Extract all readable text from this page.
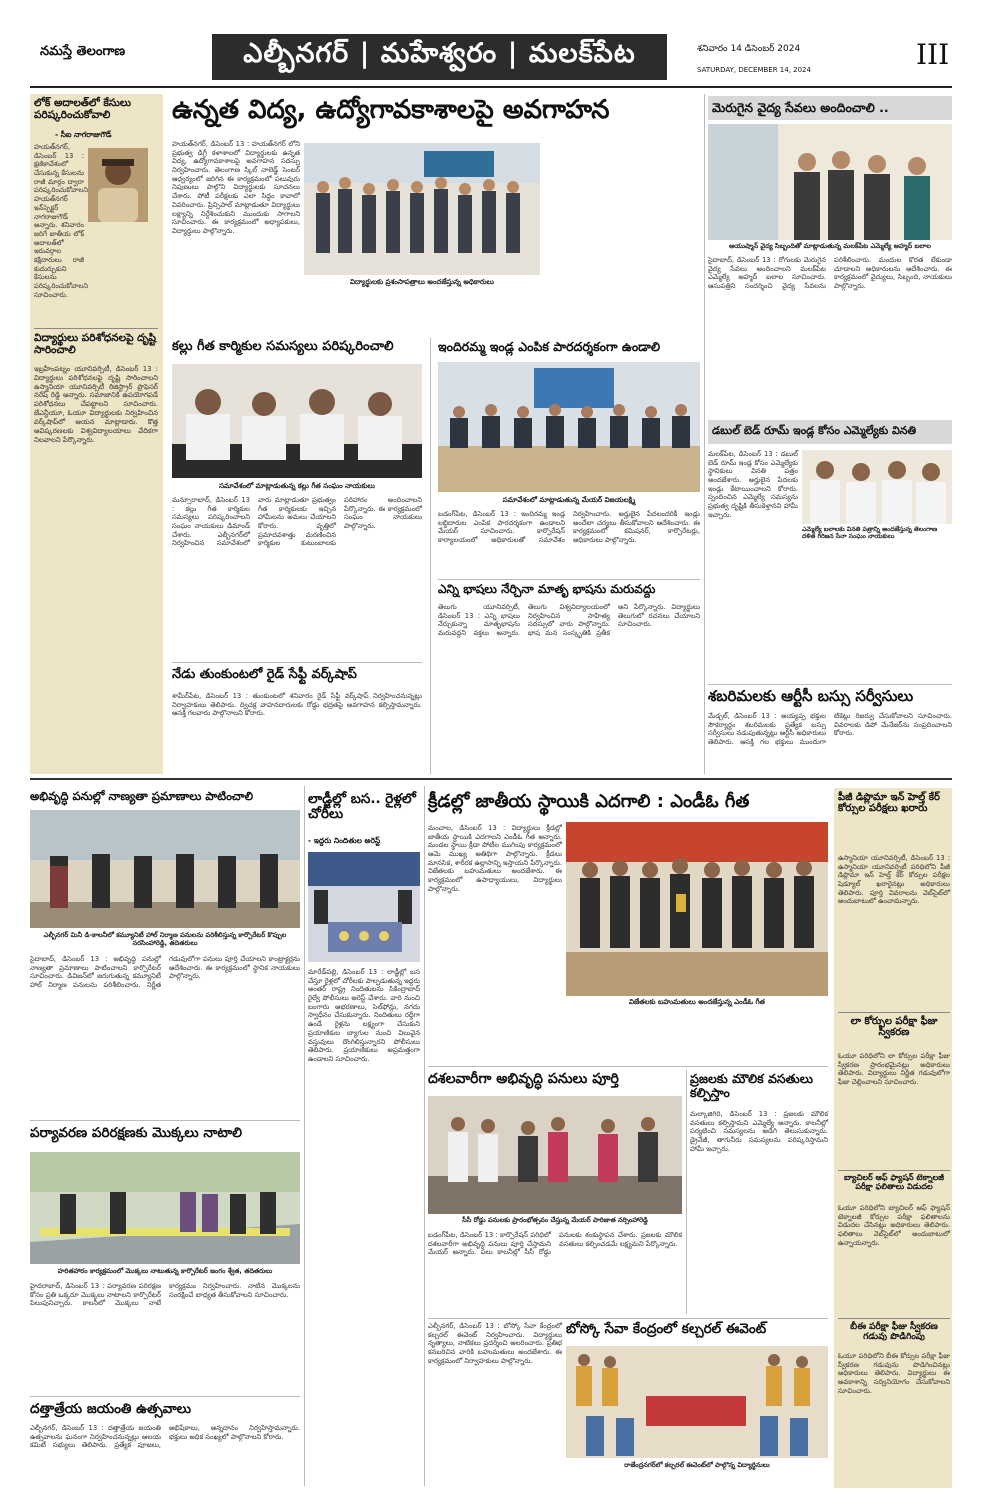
నమస్తే తెలంగాణ	ఎల్బీనగర్ | మహేశ్వరం | మలక్‌పేట	శనివారం 14 డిసెంబర్ 2024
SATURDAY, DECEMBER 14, 2024	III
లోక్ అదాలత్‌లో కేసులు పరిష్కరించుకోవాలి
- సీఐ నాగరాజుగౌడ్
హయత్‌నగర్, డిసెంబర్ 13 : క్షణికావేశంలో చేసుకున్న కేసులను రాజీ మార్గం ద్వారా పరిష్కరించుకోవాలని హయత్‌నగర్ ఇన్‌స్పెక్టర్ నాగరాజుగౌడ్ అన్నారు. శనివారం జరిగే జాతీయ లోక్ అదాలత్‌లో ఇరువర్గాల కక్షిదారులు రాజీ కుదుర్చుకుని కేసులను పరిష్కరించుకోవాలని సూచించారు.
విద్యార్థులు పరిశోధనలపై దృష్టి సారించాలి
ఇబ్రహీంపట్నం యూనివర్సిటీ, డిసెంబర్ 13 : విద్యార్థులు పరిశోధనలపై దృష్టి సారించాలని ఉస్మానియా యూనివర్సిటీ రిజిస్ట్రార్ ప్రొఫెసర్ నరేష్ రెడ్డి అన్నారు. సమాజానికి ఉపయోగపడే పరిశోధనలు చేపట్టాలని సూచించారు. జేఎన్టీయూ, ఓయూ విద్యార్థులకు నిర్వహించిన వర్క్‌షాప్‌లో ఆయన మాట్లాడారు. కొత్త ఆవిష్కరణలకు విశ్వవిద్యాలయాలు వేదికగా నిలవాలని పేర్కొన్నారు.
ఉన్నత విద్య, ఉద్యోగావకాశాలపై అవగాహన
హయత్‌నగర్, డిసెంబర్ 13 : హయత్‌నగర్ లోని ప్రభుత్వ డిగ్రీ కళాశాలలో విద్యార్థులకు ఉన్నత విద్య, ఉద్యోగావకాశాలపై అవగాహన సదస్సు నిర్వహించారు. తెలంగాణ స్కిల్ నాలెడ్జ్ సెంటర్ ఆధ్వర్యంలో జరిగిన ఈ కార్యక్రమంలో పలువురు నిపుణులు పాల్గొని విద్యార్థులకు సూచనలు చేశారు. పోటీ పరీక్షలకు ఎలా సిద్ధం కావాలో వివరించారు. ప్రిన్సిపాల్ మాట్లాడుతూ విద్యార్థులు లక్ష్యాన్ని నిర్దేశించుకుని ముందుకు సాగాలని సూచించారు. ఈ కార్యక్రమంలో అధ్యాపకులు, విద్యార్థులు పాల్గొన్నారు.
విద్యార్థులకు ప్రశంసాపత్రాలు అందజేస్తున్న అధికారులు
కల్లు గీత కార్మికుల సమస్యలు పరిష్కరించాలి
సమావేశంలో మాట్లాడుతున్న కల్లు గీత సంఘం నాయకులు
మన్సూరాబాద్, డిసెంబర్ 13 : కల్లు గీత కార్మికుల సమస్యలు పరిష్కరించాలని సంఘం నాయకులు డిమాండ్ చేశారు. ఎల్బీనగర్‌లో నిర్వహించిన సమావేశంలో వారు మాట్లాడుతూ ప్రభుత్వం గీత కార్మికులకు ఇచ్చిన హామీలను అమలు చేయాలని కోరారు. వృత్తిలో ప్రమాదవశాత్తు మరణించిన కార్మికుల కుటుంబాలకు పరిహారం అందించాలని పేర్కొన్నారు. ఈ కార్యక్రమంలో సంఘం నాయకులు పాల్గొన్నారు.
ఇందిరమ్మ ఇండ్ల ఎంపిక పారదర్శకంగా ఉండాలి
సమావేశంలో మాట్లాడుతున్న మేయర్ విజయలక్ష్మి
బడంగ్‌పేట, డిసెంబర్ 13 : ఇందిరమ్మ ఇండ్ల లబ్ధిదారుల ఎంపిక పారదర్శకంగా ఉండాలని మేయర్ సూచించారు. కార్పొరేషన్ కార్యాలయంలో అధికారులతో సమావేశం నిర్వహించారు. అర్హులైన పేదలందరికీ ఇండ్లు అందేలా చర్యలు తీసుకోవాలని ఆదేశించారు. ఈ కార్యక్రమంలో కమిషనర్, కార్పొరేటర్లు, అధికారులు పాల్గొన్నారు.
ఎన్ని భాషలు నేర్చినా మాతృ భాషను మరువద్దు
తెలుగు యూనివర్సిటీ, డిసెంబర్ 13 : ఎన్ని భాషలు నేర్చుకున్నా మాతృభాషను మరువద్దని వక్తలు అన్నారు. తెలుగు విశ్వవిద్యాలయంలో నిర్వహించిన సాహిత్య సదస్సులో వారు పాల్గొన్నారు. భాష మన సంస్కృతికి ప్రతీక అని పేర్కొన్నారు. విద్యార్థులు తెలుగులో రచనలు చేయాలని సూచించారు.
నేడు తుంకుంటలో రైడ్ సేఫ్టీ వర్క్‌షాప్
శామీర్‌పేట, డిసెంబర్ 13 : తుంకుంటలో శనివారం రైడ్ సేఫ్టీ వర్క్‌షాప్ నిర్వహించనున్నట్లు నిర్వాహకులు తెలిపారు. ద్విచక్ర వాహనదారులకు రోడ్డు భద్రతపై అవగాహన కల్పిస్తామన్నారు. ఆసక్తి గలవారు పాల్గొనాలని కోరారు.
మెరుగైన వైద్య సేవలు అందించాలి ..
ఆయుష్మాన్ వైద్య సిబ్బందితో మాట్లాడుతున్న మలక్‌పేట ఎమ్మెల్యే అహ్మద్ బలాల
సైదాబాద్, డిసెంబర్ 13 : రోగులకు మెరుగైన వైద్య సేవలు అందించాలని మలక్‌పేట ఎమ్మెల్యే అహ్మద్ బలాల సూచించారు. ఆసుపత్రిని సందర్శించి వైద్య సేవలను పరిశీలించారు. మందుల కొరత లేకుండా చూడాలని అధికారులను ఆదేశించారు. ఈ కార్యక్రమంలో వైద్యులు, సిబ్బంది, నాయకులు పాల్గొన్నారు.
డబుల్ బెడ్ రూమ్ ఇండ్ల కోసం ఎమ్మెల్యేకు వినతి
మలక్‌పేట, డిసెంబర్ 13 : డబుల్ బెడ్ రూమ్ ఇండ్ల కోసం ఎమ్మెల్యేకు స్థానికులు వినతి పత్రం అందజేశారు. అర్హులైన పేదలకు ఇండ్లు కేటాయించాలని కోరారు. స్పందించిన ఎమ్మెల్యే సమస్యను ప్రభుత్వ దృష్టికి తీసుకెళ్తానని హామీ ఇచ్చారు.
ఎమ్మెల్యే బలాలకు వినతి పత్రాన్ని అందజేస్తున్న తెలంగాణ దళిత గిరిజన సేనా సంఘం నాయకులు
శబరిమలకు ఆర్టీసీ బస్సు సర్వీసులు
మేడ్చల్, డిసెంబర్ 13 : అయ్యప్ప భక్తుల సౌకర్యార్థం శబరిమలకు ప్రత్యేక బస్సు సర్వీసులు నడుపుతున్నట్లు ఆర్టీసీ అధికారులు తెలిపారు. ఆసక్తి గల భక్తులు ముందుగా టికెట్లు రిజర్వు చేసుకోవాలని సూచించారు. వివరాలకు డిపో మేనేజర్‌ను సంప్రదించాలని కోరారు.
అభివృద్ధి పనుల్లో నాణ్యతా ప్రమాణాలు పాటించాలి
ఎల్బీనగర్ మినీ డి-కాలనీలో కమ్యూనిటీ హాల్ నిర్మాణ పనులను పరిశీలిస్తున్న కార్పొరేటర్ కొప్పుల నరసింహారెడ్డి, తదితరులు
సైదాబాద్, డిసెంబర్ 13 : అభివృద్ధి పనుల్లో నాణ్యతా ప్రమాణాలు పాటించాలని కార్పొరేటర్ సూచించారు. డివిజన్‌లో జరుగుతున్న కమ్యూనిటీ హాల్ నిర్మాణ పనులను పరిశీలించారు. నిర్ణీత గడువులోగా పనులు పూర్తి చేయాలని కాంట్రాక్టర్లను ఆదేశించారు. ఈ కార్యక్రమంలో స్థానిక నాయకులు పాల్గొన్నారు.
పర్యావరణ పరిరక్షణకు మొక్కలు నాటాలి
హరితహారం కార్యక్రమంలో మొక్కలు నాటుతున్న కార్పొరేటర్ జంగం శ్వేత, తదితరులు
హైదరాబాద్, డిసెంబర్ 13 : పర్యావరణ పరిరక్షణ కోసం ప్రతి ఒక్కరూ మొక్కలు నాటాలని కార్పొరేటర్ పిలుపునిచ్చారు. కాలనీలో మొక్కలు నాటే కార్యక్రమం నిర్వహించారు. నాటిన మొక్కలను సంరక్షించే బాధ్యత తీసుకోవాలని సూచించారు.
దత్తాత్రేయ జయంతి ఉత్సవాలు
ఎల్బీనగర్, డిసెంబర్ 13 : దత్తాత్రేయ జయంతి ఉత్సవాలను ఘనంగా నిర్వహించనున్నట్లు ఆలయ కమిటీ సభ్యులు తెలిపారు. ప్రత్యేక పూజలు, అభిషేకాలు, అన్నదానం నిర్వహిస్తామన్నారు. భక్తులు అధిక సంఖ్యలో పాల్గొనాలని కోరారు.
లాడ్జీల్లో బస.. రైళ్లలో చోరీలు
- ఇద్దరు నిందితుల అరెస్ట్
మారేడ్‌పల్లి, డిసెంబర్ 13 : లాడ్జీల్లో బస చేస్తూ రైళ్లలో చోరీలకు పాల్పడుతున్న ఇద్దరు అంతర్ రాష్ట్ర నిందితులను సికింద్రాబాద్ రైల్వే పోలీసులు అరెస్ట్ చేశారు. వారి నుంచి బంగారు ఆభరణాలు, సెల్‌ఫోన్లు, నగదు స్వాధీనం చేసుకున్నారు. నిందితులు రద్దీగా ఉండే రైళ్లను లక్ష్యంగా చేసుకుని ప్రయాణికుల బ్యాగుల నుంచి విలువైన వస్తువులు దొంగిలిస్తున్నారని పోలీసులు తెలిపారు. ప్రయాణికులు అప్రమత్తంగా ఉండాలని సూచించారు.
క్రీడల్లో జాతీయ స్థాయికి ఎదగాలి : ఎండీఓ గీత
మంచాల, డిసెంబర్ 13 : విద్యార్థులు క్రీడల్లో జాతీయ స్థాయికి ఎదగాలని ఎండీఓ గీత అన్నారు. మండల స్థాయి క్రీడా పోటీల ముగింపు కార్యక్రమంలో ఆమె ముఖ్య అతిథిగా పాల్గొన్నారు. క్రీడలు మానసిక, శారీరక ఉల్లాసాన్ని ఇస్తాయని పేర్కొన్నారు. విజేతలకు బహుమతులు అందజేశారు. ఈ కార్యక్రమంలో ఉపాధ్యాయులు, విద్యార్థులు పాల్గొన్నారు.
విజేతలకు బహుమతులు అందజేస్తున్న ఎండీఓ గీత
దశలవారీగా అభివృద్ధి పనులు పూర్తి
సీసీ రోడ్డు పనులకు ప్రారంభోత్సవం చేస్తున్న మేయర్ పారిజాత నర్సింహారెడ్డి
బడంగ్‌పేట, డిసెంబర్ 13 : కార్పొరేషన్ పరిధిలో దశలవారీగా అభివృద్ధి పనులు పూర్తి చేస్తామని మేయర్ అన్నారు. పలు కాలనీల్లో సీసీ రోడ్డు పనులకు శంకుస్థాపన చేశారు. ప్రజలకు మౌలిక వసతులు కల్పించడమే లక్ష్యమని పేర్కొన్నారు.
ప్రజలకు మౌలిక వసతులు కల్పిస్తాం
మల్కాజిగిరి, డిసెంబర్ 13 : ప్రజలకు మౌలిక వసతులు కల్పిస్తామని ఎమ్మెల్యే అన్నారు. కాలనీల్లో పర్యటించి సమస్యలను అడిగి తెలుసుకున్నారు. డ్రైనేజీ, తాగునీరు సమస్యలను పరిష్కరిస్తామని హామీ ఇచ్చారు.
బోస్కో సేవా కేంద్రంలో కల్చరల్ ఈవెంట్
ఎల్బీనగర్, డిసెంబర్ 13 : బోస్కో సేవా కేంద్రంలో కల్చరల్ ఈవెంట్ నిర్వహించారు. విద్యార్థులు నృత్యాలు, నాటికలు ప్రదర్శించి అలరించారు. ప్రతిభ కనబరిచిన వారికి బహుమతులు అందజేశారు. ఈ కార్యక్రమంలో నిర్వాహకులు పాల్గొన్నారు.
రాజేంద్రనగర్‌లో కల్చరల్ ఈవెంట్‌లో పాల్గొన్న విద్యార్థినులు
పీజీ డిప్లొమా ఇన్ హెల్త్ కేర్ కోర్సుల పరీక్షలు ఖరారు
ఉస్మానియా యూనివర్సిటీ, డిసెంబర్ 13 : ఉస్మానియా యూనివర్సిటీ పరిధిలోని పీజీ డిప్లొమా ఇన్ హెల్త్ కేర్ కోర్సుల పరీక్షల షెడ్యూల్ ఖరారైనట్లు అధికారులు తెలిపారు. పూర్తి వివరాలను వెబ్‌సైట్‌లో అందుబాటులో ఉంచామన్నారు.
లా కోర్సుల పరీక్షా ఫీజు స్వీకరణ
ఓయూ పరిధిలోని లా కోర్సుల పరీక్షా ఫీజు స్వీకరణ ప్రారంభమైనట్లు అధికారులు తెలిపారు. విద్యార్థులు నిర్ణీత గడువులోగా ఫీజు చెల్లించాలని సూచించారు.
బ్యాచిలర్ ఆఫ్ ఫ్యాషన్ టెక్నాలజీ పరీక్షా ఫలితాలు విడుదల
ఓయూ పరిధిలోని బ్యాచిలర్ ఆఫ్ ఫ్యాషన్ టెక్నాలజీ కోర్సుల పరీక్షా ఫలితాలను విడుదల చేసినట్లు అధికారులు తెలిపారు. ఫలితాలు వెబ్‌సైట్‌లో అందుబాటులో ఉన్నాయన్నారు.
బీఈ పరీక్షా ఫీజు స్వీకరణ గడువు పొడిగింపు
ఓయూ పరిధిలోని బీఈ కోర్సుల పరీక్షా ఫీజు స్వీకరణ గడువును పొడిగించినట్లు అధికారులు తెలిపారు. విద్యార్థులు ఈ అవకాశాన్ని సద్వినియోగం చేసుకోవాలని సూచించారు.
